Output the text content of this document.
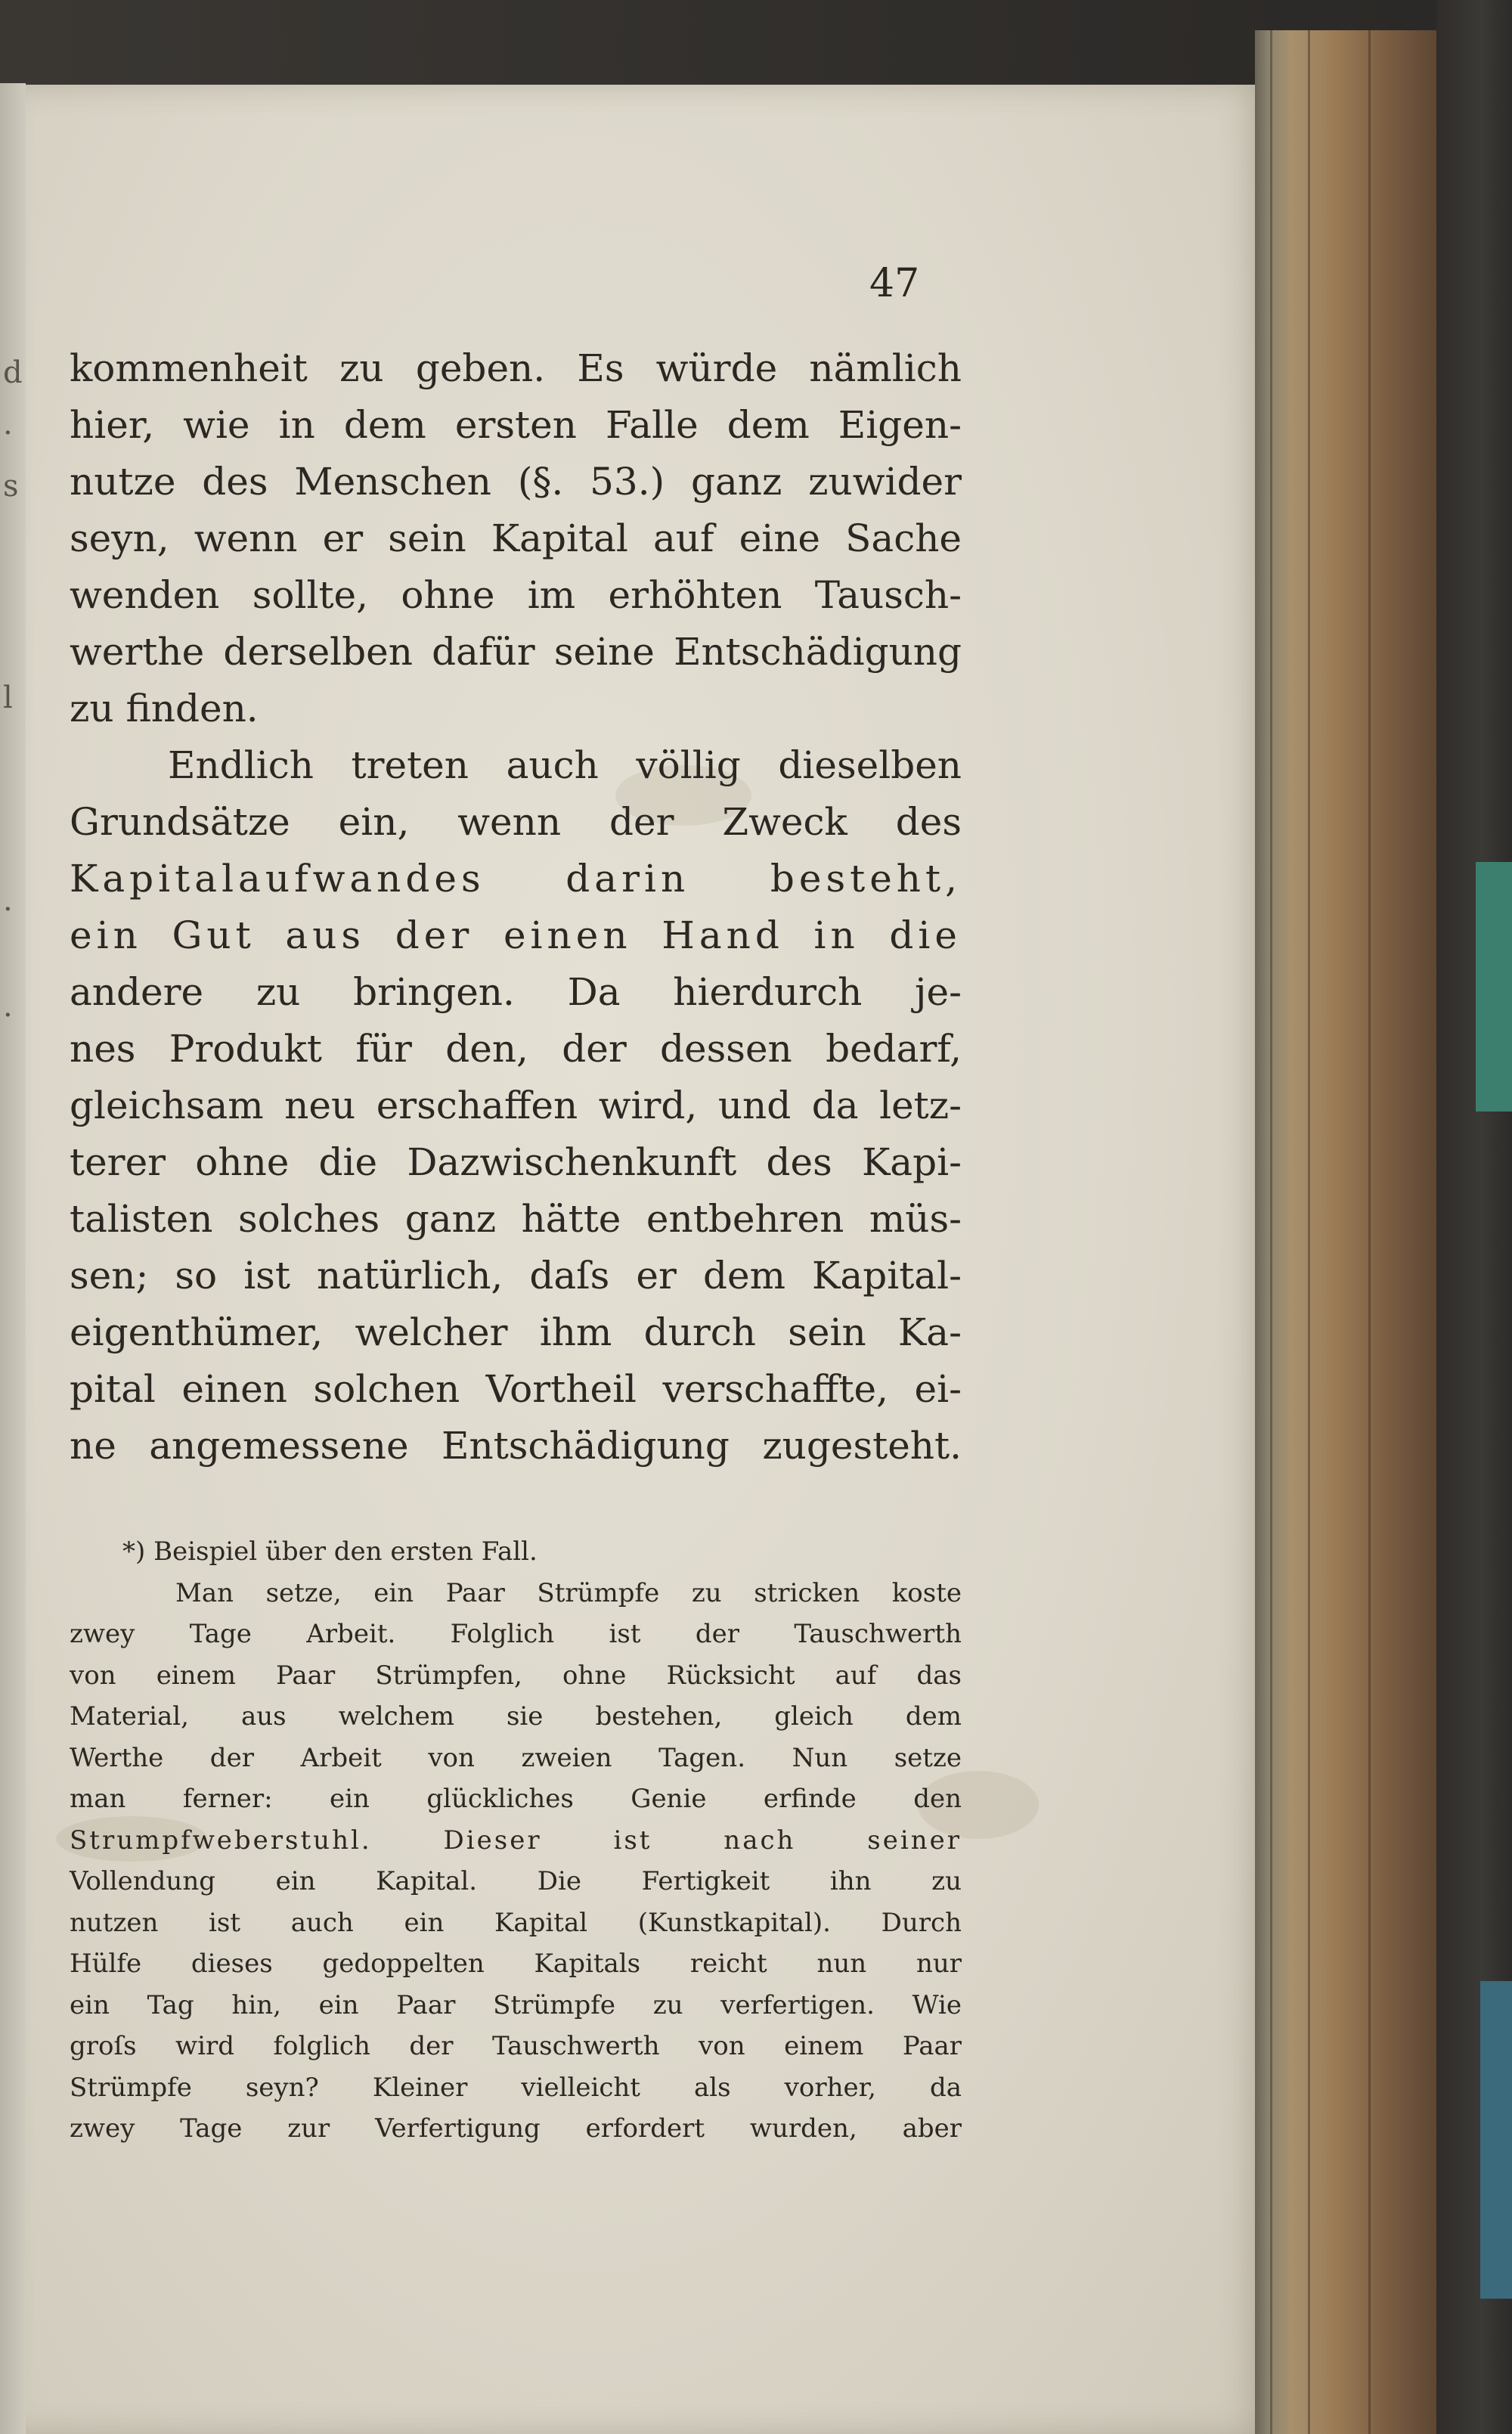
d
·
s
l
·
·
47
kommenheit zu geben. Es würde nämlich
hier, wie in dem ersten Falle dem Eigen-
nutze des Menschen (§. 53.) ganz zuwider
seyn, wenn er sein Kapital auf eine Sache
wenden sollte, ohne im erhöhten Tausch-
werthe derselben dafür seine Entschädigung
zu finden.
Endlich treten auch völlig dieselben
Grundsätze ein, wenn der Zweck des
Kapitalaufwandes darin besteht,
ein Gut aus der einen Hand in die
andere zu bringen. Da hierdurch je-
nes Produkt für den, der dessen bedarf,
gleichsam neu erschaffen wird, und da letz-
terer ohne die Dazwischenkunft des Kapi-
talisten solches ganz hätte entbehren müs-
sen; so ist natürlich, daſs er dem Kapital-
eigenthümer, welcher ihm durch sein Ka-
pital einen solchen Vortheil verschaffte, ei-
ne angemessene Entschädigung zugesteht.
*) Beispiel über den ersten Fall.
Man setze, ein Paar Strümpfe zu stricken koste
zwey Tage Arbeit. Folglich ist der Tauschwerth
von einem Paar Strümpfen, ohne Rücksicht auf das
Material, aus welchem sie bestehen, gleich dem
Werthe der Arbeit von zweien Tagen. Nun setze
man ferner: ein glückliches Genie erfinde den
Strumpfweberstuhl. Dieser ist nach seiner
Vollendung ein Kapital. Die Fertigkeit ihn zu
nutzen ist auch ein Kapital (Kunstkapital). Durch
Hülfe dieses gedoppelten Kapitals reicht nun nur
ein Tag hin, ein Paar Strümpfe zu verfertigen. Wie
groſs wird folglich der Tauschwerth von einem Paar
Strümpfe seyn? Kleiner vielleicht als vorher, da
zwey Tage zur Verfertigung erfordert wurden, aber
